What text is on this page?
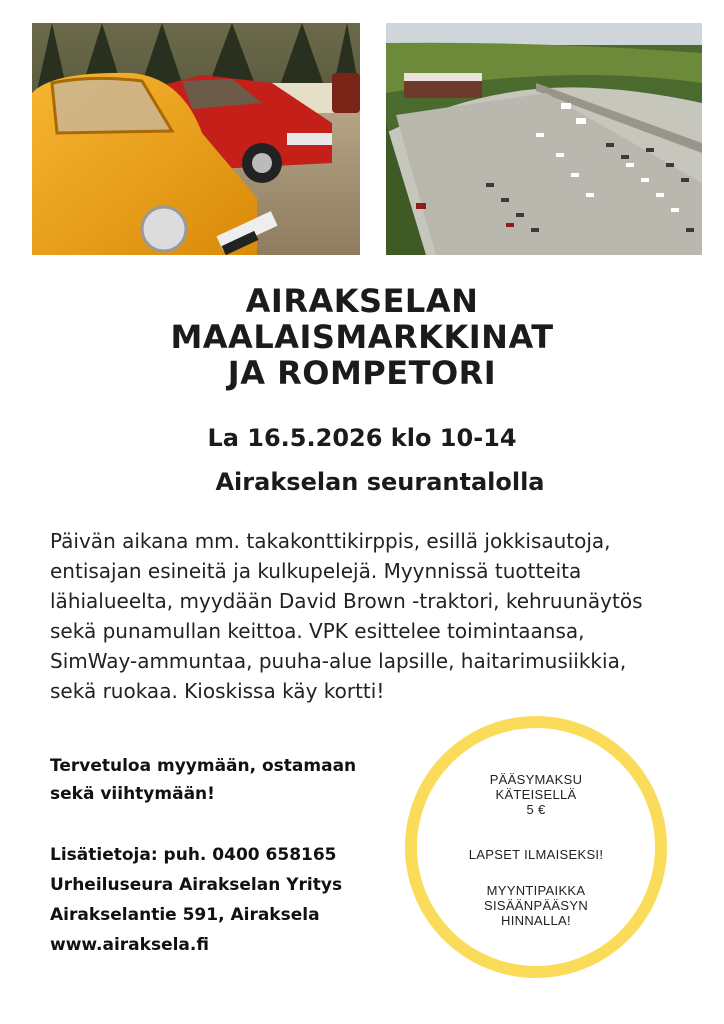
AIRAKSELAN
MAALAISMARKKINAT
JA ROMPETORI
La 16.5.2026 klo 10-14
Airakselan seurantalolla
Päivän aikana mm. takakonttikirppis, esillä jokkisautoja,
entisajan esineitä ja kulkupelejä. Myynnissä tuotteita
lähialueelta, myydään David Brown -traktori, kehruunäytös
sekä punamullan keittoa. VPK esittelee toimintaansa,
SimWay-ammuntaa, puuha-alue lapsille, haitarimusiikkia,
sekä ruokaa. Kioskissa käy kortti!
Tervetuloa myymään, ostamaan
sekä viihtymään!
Lisätietoja: puh. 0400 658165
Urheiluseura Airakselan Yritys
Airakselantie 591, Airaksela
www.airaksela.fi
PÄÄSYMAKSU
KÄTEISELLÄ
5 €
LAPSET ILMAISEKSI!
MYYNTIPAIKKA
SISÄÄNPÄÄSYN
HINNALLA!
